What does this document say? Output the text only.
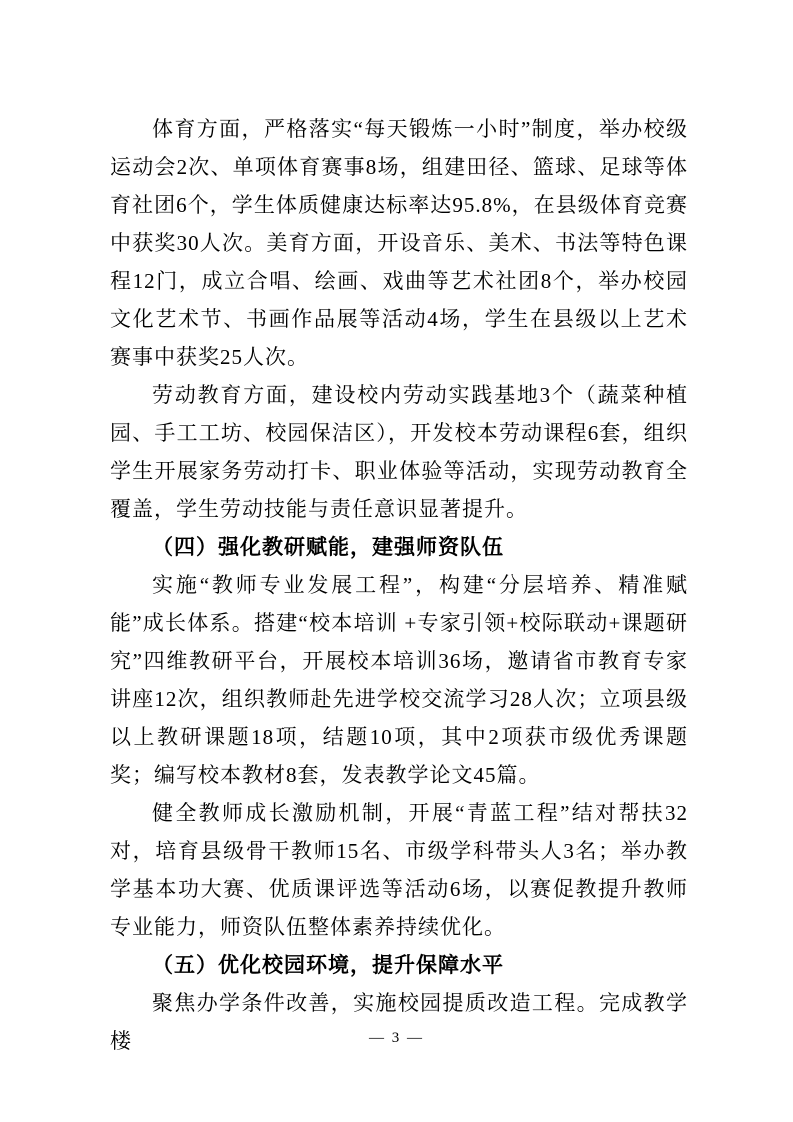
体育方面，严格落实“每天锻炼一小时”制度，举办校级运动会2次、单项体育赛事8场，组建田径、篮球、足球等体育社团6个，学生体质健康达标率达95.8%，在县级体育竞赛中获奖30人次。美育方面，开设音乐、美术、书法等特色课程12门，成立合唱、绘画、戏曲等艺术社团8个，举办校园文化艺术节、书画作品展等活动4场，学生在县级以上艺术赛事中获奖25人次。

劳动教育方面，建设校内劳动实践基地3个（蔬菜种植园、手工工坊、校园保洁区），开发校本劳动课程6套，组织学生开展家务劳动打卡、职业体验等活动，实现劳动教育全覆盖，学生劳动技能与责任意识显著提升。

（四）强化教研赋能，建强师资队伍

实施“教师专业发展工程”，构建“分层培养、精准赋能”成长体系。搭建“校本培训 +专家引领+校际联动+课题研究”四维教研平台，开展校本培训36场，邀请省市教育专家讲座12次，组织教师赴先进学校交流学习28人次；立项县级以上教研课题18项，结题10项，其中2项获市级优秀课题奖；编写校本教材8套，发表教学论文45篇。

健全教师成长激励机制，开展“青蓝工程”结对帮扶32对，培育县级骨干教师15名、市级学科带头人3名；举办教学基本功大赛、优质课评选等活动6场，以赛促教提升教师专业能力，师资队伍整体素养持续优化。

（五）优化校园环境，提升保障水平

聚焦办学条件改善，实施校园提质改造工程。完成教学楼	— 3 —
